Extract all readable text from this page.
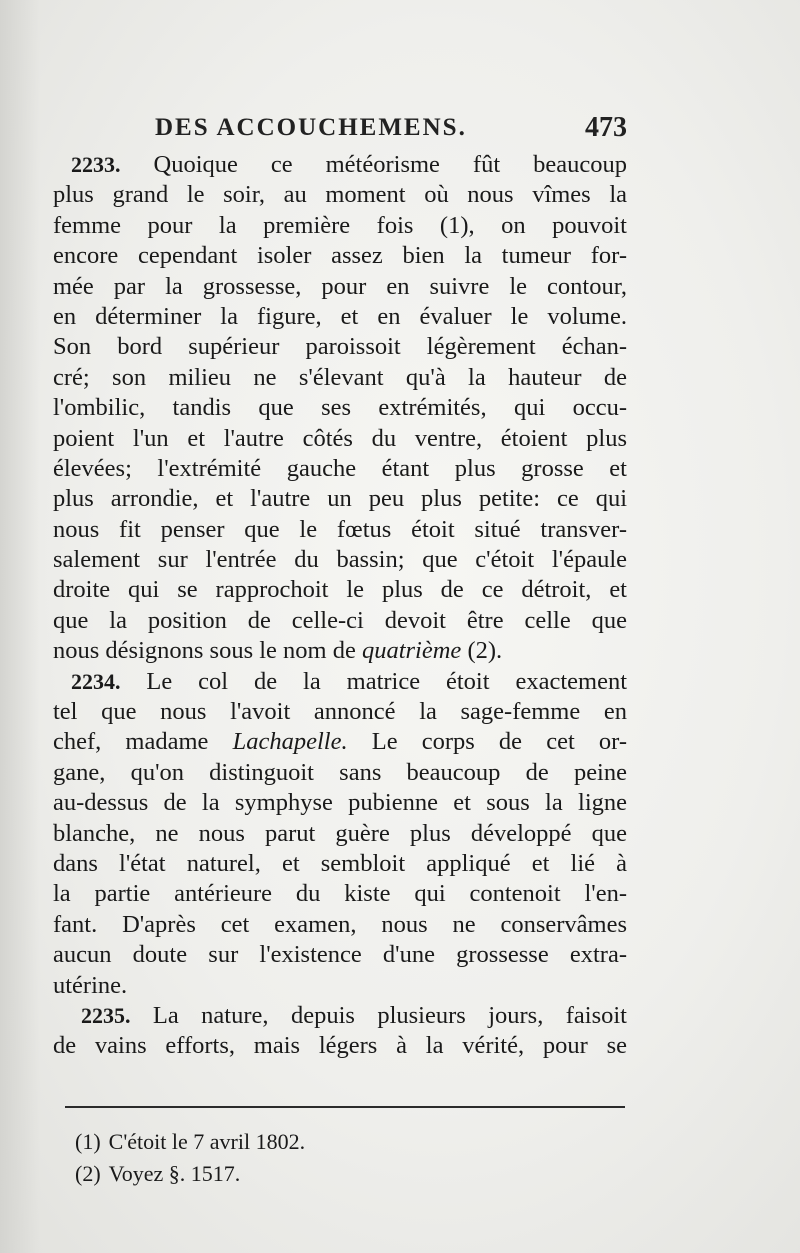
DES ACCOUCHEMENS.	473
2233. Quoique ce météorisme fût beaucoup
plus grand le soir, au moment où nous vîmes la
femme pour la première fois (1), on pouvoit
encore cependant isoler assez bien la tumeur for-
mée par la grossesse, pour en suivre le contour,
en déterminer la figure, et en évaluer le volume.
Son bord supérieur paroissoit légèrement échan-
cré; son milieu ne s'élevant qu'à la hauteur de
l'ombilic, tandis que ses extrémités, qui occu-
poient l'un et l'autre côtés du ventre, étoient plus
élevées; l'extrémité gauche étant plus grosse et
plus arrondie, et l'autre un peu plus petite: ce qui
nous fit penser que le fœtus étoit situé transver-
salement sur l'entrée du bassin; que c'étoit l'épaule
droite qui se rapprochoit le plus de ce détroit, et
que la position de celle-ci devoit être celle que
nous désignons sous le nom de quatrième (2).
2234. Le col de la matrice étoit exactement
tel que nous l'avoit annoncé la sage-femme en
chef, madame Lachapelle. Le corps de cet or-
gane, qu'on distinguoit sans beaucoup de peine
au-dessus de la symphyse pubienne et sous la ligne
blanche, ne nous parut guère plus développé que
dans l'état naturel, et sembloit appliqué et lié à
la partie antérieure du kiste qui contenoit l'en-
fant. D'après cet examen, nous ne conservâmes
aucun doute sur l'existence d'une grossesse extra-
utérine.
2235. La nature, depuis plusieurs jours, faisoit
de vains efforts, mais légers à la vérité, pour se
(1) C'étoit le 7 avril 1802.
(2) Voyez §. 1517.
